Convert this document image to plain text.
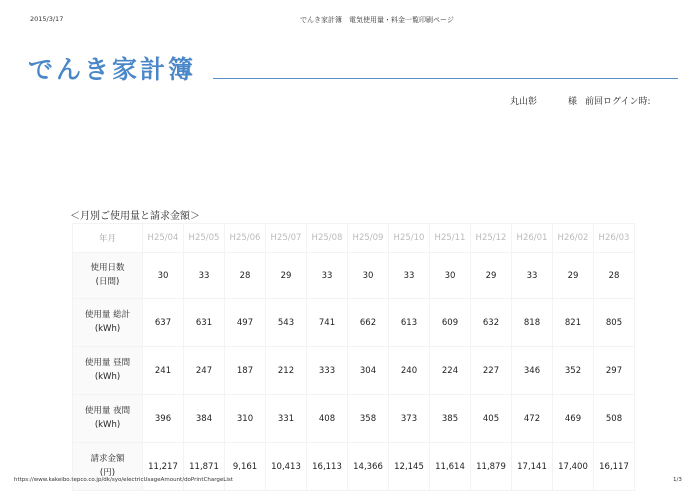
2015/3/17	でんき家計簿　電気使用量・料金一覧印刷ページ
でんき家計簿
丸山彰	様 前回ログイン時:
＜月別ご使用量と請求金額＞
年月	H25/04	H25/05	H25/06	H25/07	H25/08	H25/09	H25/10	H25/11	H25/12	H26/01	H26/02	H26/03

使用日数
(日間)	30	33	28	29	33	30	33	30	29	33	29	28

使用量 総計
(kWh)	637	631	497	543	741	662	613	609	632	818	821	805

使用量 昼間
(kWh)	241	247	187	212	333	304	240	224	227	346	352	297

使用量 夜間
(kWh)	396	384	310	331	408	358	373	385	405	472	469	508

請求金額
(円)	11,217	11,871	9,161	10,413	16,113	14,366	12,145	11,614	11,879	17,141	17,400	16,117
https://www.kakeibo.tepco.co.jp/dk/syo/electricUsageAmount/doPrintChargeList	1/3
